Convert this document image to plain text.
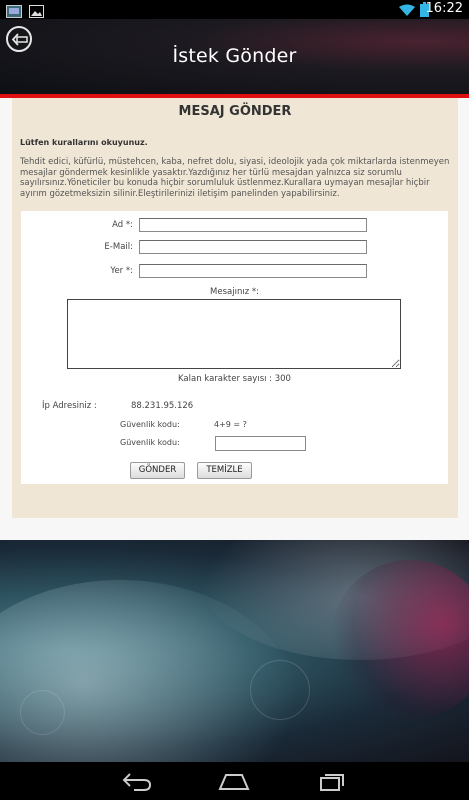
16:22
İstek Gönder
MESAJ GÖNDER
Lütfen kurallarını okuyunuz.
Tehdit edici, küfürlü, müstehcen, kaba, nefret dolu, siyasi, ideolojik yada çok miktarlarda istenmeyen mesajlar göndermek kesinlikle yasaktır.Yazdığınız her türlü mesajdan yalnızca siz sorumlu sayılırsınız.Yöneticiler bu konuda hiçbir sorumluluk üstlenmez.Kurallara uymayan mesajlar hiçbir ayırım gözetmeksizin silinir.Eleştirilerinizi iletişim panelinden yapabilirsiniz.
Ad *:
E-Mail:
Yer *:
Mesajınız *:
Kalan karakter sayısı : 300
İp Adresiniz :	88.231.95.126
Güvenlik kodu:	4+9 = ?
Güvenlik kodu:
GÖNDER	TEMİZLE
